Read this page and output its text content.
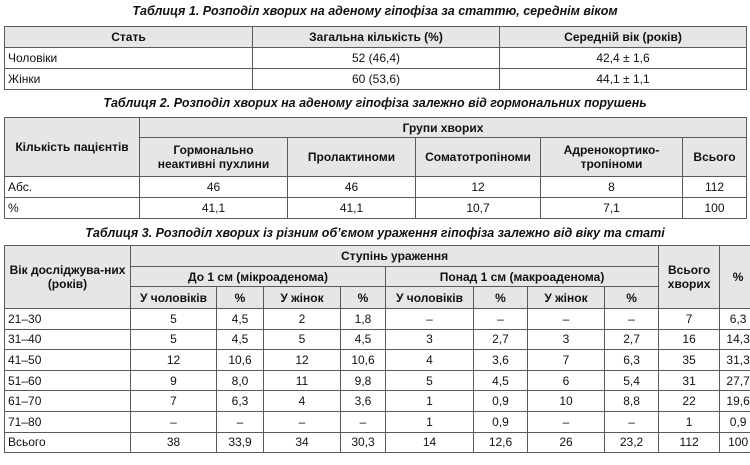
Таблиця 1. Розподіл хворих на аденому гіпофіза за статтю, середнім віком
Стать	Загальна кількість (%)	Середній вік (років)
Чоловіки	52 (46,4)	42,4 ± 1,6
Жінки	60 (53,6)	44,1 ± 1,1
Таблиця 2. Розподіл хворих на аденому гіпофіза залежно від гормональних порушень
Кількість пацієнтів	Групи хворих				
	Гормонально неактивні пухлини	Пролактиноми	Соматотропіноми	Адренокортико-тропіноми	Всього
Абс.	46	46	12	8	112
%	41,1	41,1	10,7	7,1	100
Таблиця 3. Розподіл хворих із різним об’ємом ураження гіпофіза залежно від віку та статі
Вік досліджува-них (років)	Ступінь ураження								Всього хворих	%
	До 1 см (мікроаденома)				Понад 1 см (макроаденома)					
	У чоловіків	%	У жінок	%	У чоловіків	%	У жінок	%		
21–30	5	4,5	2	1,8	–	–	–	–	7	6,3
31–40	5	4,5	5	4,5	3	2,7	3	2,7	16	14,3
41–50	12	10,6	12	10,6	4	3,6	7	6,3	35	31,3
51–60	9	8,0	11	9,8	5	4,5	6	5,4	31	27,7
61–70	7	6,3	4	3,6	1	0,9	10	8,8	22	19,6
71–80	–	–	–	–	1	0,9	–	–	1	0,9
Всього	38	33,9	34	30,3	14	12,6	26	23,2	112	100
